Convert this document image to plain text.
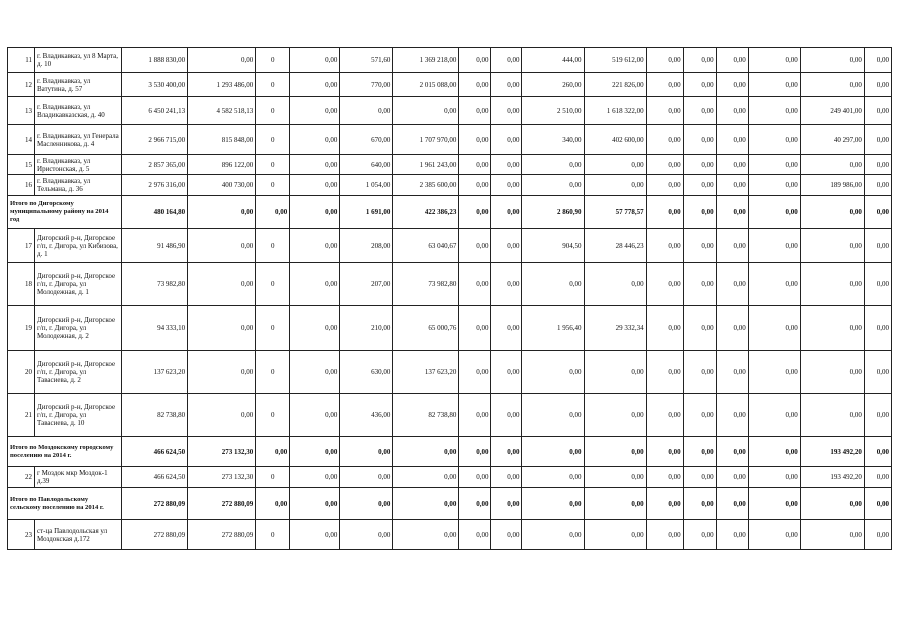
11	г. Владикавказ, ул 8 Марта, д. 10	1 888 830,00	0,00	0	0,00	571,60	1 369 218,00	0,00	0,00	444,00	519 612,00	0,00	0,00	0,00	0,00	0,00	0,00
12	г. Владикавказ, ул Ватутина, д. 57	3 530 400,00	1 293 486,00	0	0,00	770,00	2 015 088,00	0,00	0,00	260,00	221 826,00	0,00	0,00	0,00	0,00	0,00	0,00
13	г. Владикавказ, ул Владикавказская, д. 40	6 450 241,13	4 582 518,13	0	0,00	0,00	0,00	0,00	0,00	2 510,00	1 618 322,00	0,00	0,00	0,00	0,00	249 401,00	0,00
14	г. Владикавказ, ул Генерала Масленникова, д. 4	2 966 715,00	815 848,00	0	0,00	670,00	1 707 970,00	0,00	0,00	340,00	402 600,00	0,00	0,00	0,00	0,00	40 297,00	0,00
15	г. Владикавказ, ул Иристонская, д. 5	2 857 365,00	896 122,00	0	0,00	640,00	1 961 243,00	0,00	0,00	0,00	0,00	0,00	0,00	0,00	0,00	0,00	0,00
16	г. Владикавказ, ул Тельмана, д. 36	2 976 316,00	400 730,00	0	0,00	1 054,00	2 385 600,00	0,00	0,00	0,00	0,00	0,00	0,00	0,00	0,00	189 986,00	0,00
Итого по Дигорскому муниципальному району на 2014 год		480 164,80	0,00	0,00	0,00	1 691,00	422 386,23	0,00	0,00	2 860,90	57 778,57	0,00	0,00	0,00	0,00	0,00	0,00
17	Дигорский р-н, Дигорское г/п, г. Дигора, ул Кибизова, д. 1	91 486,90	0,00	0	0,00	208,00	63 040,67	0,00	0,00	904,50	28 446,23	0,00	0,00	0,00	0,00	0,00	0,00
18	Дигорский р-н, Дигорское г/п, г. Дигора, ул Молодежная, д. 1	73 982,80	0,00	0	0,00	207,00	73 982,80	0,00	0,00	0,00	0,00	0,00	0,00	0,00	0,00	0,00	0,00
19	Дигорский р-н, Дигорское г/п, г. Дигора, ул Молодежная, д. 2	94 333,10	0,00	0	0,00	210,00	65 000,76	0,00	0,00	1 956,40	29 332,34	0,00	0,00	0,00	0,00	0,00	0,00
20	Дигорский р-н, Дигорское г/п, г. Дигора, ул Тавасиева, д. 2	137 623,20	0,00	0	0,00	630,00	137 623,20	0,00	0,00	0,00	0,00	0,00	0,00	0,00	0,00	0,00	0,00
21	Дигорский р-н, Дигорское г/п, г. Дигора, ул Тавасиева, д. 10	82 738,80	0,00	0	0,00	436,00	82 738,80	0,00	0,00	0,00	0,00	0,00	0,00	0,00	0,00	0,00	0,00
Итого по Моздокскому городскому поселению на 2014 г.		466 624,50	273 132,30	0,00	0,00	0,00	0,00	0,00	0,00	0,00	0,00	0,00	0,00	0,00	0,00	193 492,20	0,00
22	г Моздок мкр Моздок-1 д.39	466 624,50	273 132,30	0	0,00	0,00	0,00	0,00	0,00	0,00	0,00	0,00	0,00	0,00	0,00	193 492,20	0,00
Итого по Павлодольскому сельскому поселению на 2014 г.		272 880,09	272 880,09	0,00	0,00	0,00	0,00	0,00	0,00	0,00	0,00	0,00	0,00	0,00	0,00	0,00	0,00
23	ст-ца Павлодольская ул Моздокская д.172	272 880,09	272 880,09	0	0,00	0,00	0,00	0,00	0,00	0,00	0,00	0,00	0,00	0,00	0,00	0,00	0,00
